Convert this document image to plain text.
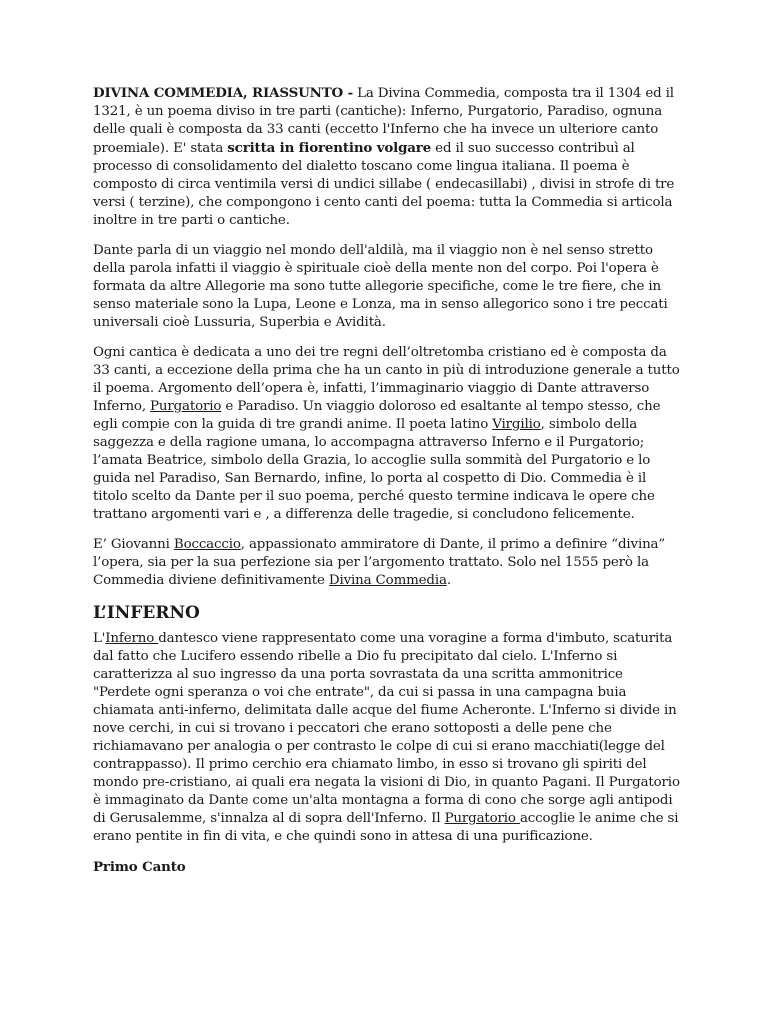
DIVINA COMMEDIA, RIASSUNTO - La Divina Commedia, composta tra il 1304 ed il 1321, è un poema diviso in tre parti (cantiche): Inferno, Purgatorio, Paradiso, ognuna delle quali è composta da 33 canti (eccetto l'Inferno che ha invece un ulteriore canto proemiale). E' stata scritta in fiorentino volgare ed il suo successo contribuì al processo di consolidamento del dialetto toscano come lingua italiana. Il poema è composto di circa ventimila versi di undici sillabe ( endecasillabi) , divisi in strofe di tre versi ( terzine), che compongono i cento canti del poema: tutta la Commedia si articola inoltre in tre parti o cantiche.

Dante parla di un viaggio nel mondo dell'aldilà, ma il viaggio non è nel senso stretto della parola infatti il viaggio è spirituale cioè della mente non del corpo. Poi l'opera è formata da altre Allegorie ma sono tutte allegorie specifiche, come le tre fiere, che in senso materiale sono la Lupa, Leone e Lonza, ma in senso allegorico sono i tre peccati universali cioè Lussuria, Superbia e Avidità.

Ogni cantica è dedicata a uno dei tre regni dell’oltretomba cristiano ed è composta da 33 canti, a eccezione della prima che ha un canto in più di introduzione generale a tutto il poema. Argomento dell’opera è, infatti, l’immaginario viaggio di Dante attraverso Inferno, Purgatorio e Paradiso. Un viaggio doloroso ed esaltante al tempo stesso, che egli compie con la guida di tre grandi anime. Il poeta latino Virgilio, simbolo della saggezza e della ragione umana, lo accompagna attraverso Inferno e il Purgatorio; l’amata Beatrice, simbolo della Grazia, lo accoglie sulla sommità del Purgatorio e lo guida nel Paradiso, San Bernardo, infine, lo porta al cospetto di Dio. Commedia è il titolo scelto da Dante per il suo poema, perché questo termine indicava le opere che trattano argomenti vari e , a differenza delle tragedie, si concludono felicemente.

E’ Giovanni Boccaccio, appassionato ammiratore di Dante, il primo a definire “divina” l’opera, sia per la sua perfezione sia per l’argomento trattato. Solo nel 1555 però la Commedia diviene definitivamente Divina Commedia.

L’INFERNO

L'Inferno dantesco viene rappresentato come una voragine a forma d'imbuto, scaturita dal fatto che Lucifero essendo ribelle a Dio fu precipitato dal cielo. L'Inferno si caratterizza al suo ingresso da una porta sovrastata da una scritta ammonitrice "Perdete ogni speranza o voi che entrate", da cui si passa in una campagna buia chiamata anti-inferno, delimitata dalle acque del fiume Acheronte. L'Inferno si divide in nove cerchi, in cui si trovano i peccatori che erano sottoposti a delle pene che richiamavano per analogia o per contrasto le colpe di cui si erano macchiati(legge del contrappasso). Il primo cerchio era chiamato limbo, in esso si trovano gli spiriti del mondo pre-cristiano, ai quali era negata la visioni di Dio, in quanto Pagani. Il Purgatorio è immaginato da Dante come un'alta montagna a forma di cono che sorge agli antipodi di Gerusalemme, s'innalza al di sopra dell'Inferno. Il Purgatorio accoglie le anime che si erano pentite in fin di vita, e che quindi sono in attesa di una purificazione.

Primo Canto
